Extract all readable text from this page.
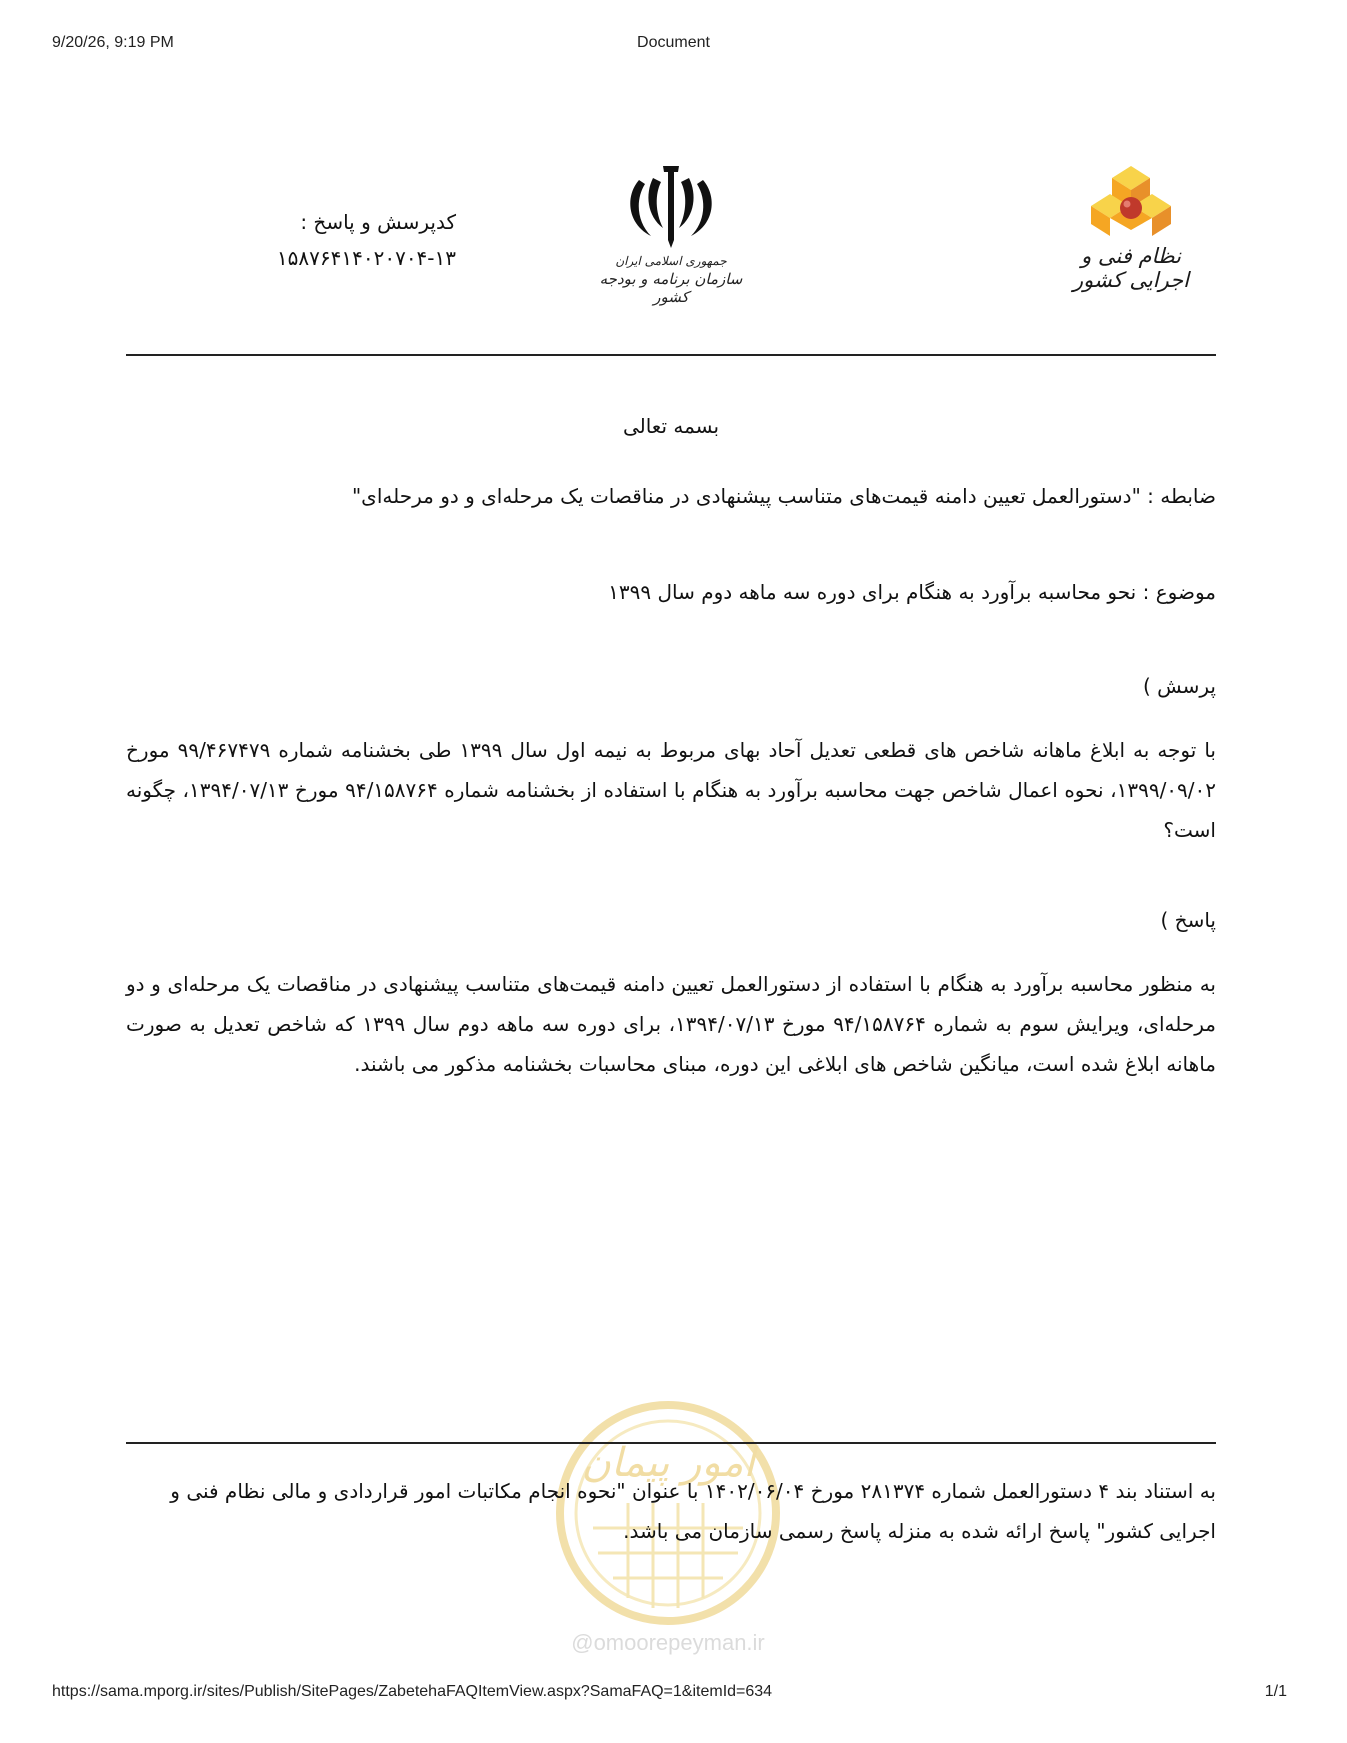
9/20/26, 9:19 PM	Document
کدپرسش و پاسخ :
۱۵۸۷۶۴۱۴۰۲۰۷۰۴-۱۳	جمهوری اسلامی ایران
سازمان برنامه و بودجه کشور
نظام فنی و اجرایی کشور
بسمه تعالی
ضابطه : "دستورالعمل تعیین دامنه قیمت‌های متناسب پیشنهادی در مناقصات یک مرحله‌ای و دو مرحله‌ای"
موضوع : نحو محاسبه برآورد به هنگام برای دوره سه ماهه دوم سال ۱۳۹۹
پرسش )
با توجه به ابلاغ ماهانه شاخص های قطعی تعدیل آحاد بهای مربوط به نیمه اول سال ۱۳۹۹ طی بخشنامه شماره ۹۹/۴۶۷۴۷۹ مورخ ۱۳۹۹/۰۹/۰۲، نحوه اعمال شاخص جهت محاسبه برآورد به هنگام با استفاده از بخشنامه شماره ۹۴/۱۵۸۷۶۴ مورخ ۱۳۹۴/۰۷/۱۳، چگونه است؟
پاسخ )
به منظور محاسبه برآورد به هنگام با استفاده از دستورالعمل تعیین دامنه قیمت‌های متناسب پیشنهادی در مناقصات یک مرحله‌ای و دو مرحله‌ای، ویرایش سوم به شماره ۹۴/۱۵۸۷۶۴ مورخ ۱۳۹۴/۰۷/۱۳، برای دوره سه ماهه دوم سال ۱۳۹۹ که شاخص تعدیل به صورت ماهانه ابلاغ شده است، میانگین شاخص های ابلاغی این دوره، مبنای محاسبات بخشنامه مذکور می باشند.
امور پیمان
@omoorepeyman.ir
به استناد بند ۴ دستورالعمل شماره ۲۸۱۳۷۴ مورخ ۱۴۰۲/۰۶/۰۴ با عنوان "نحوه انجام مکاتبات امور قراردادی و مالی نظام فنی و اجرایی کشور" پاسخ ارائه شده به منزله پاسخ رسمی سازمان می باشد.
https://sama.mporg.ir/sites/Publish/SitePages/ZabetehaFAQItemView.aspx?SamaFAQ=1&itemId=634	1/1
